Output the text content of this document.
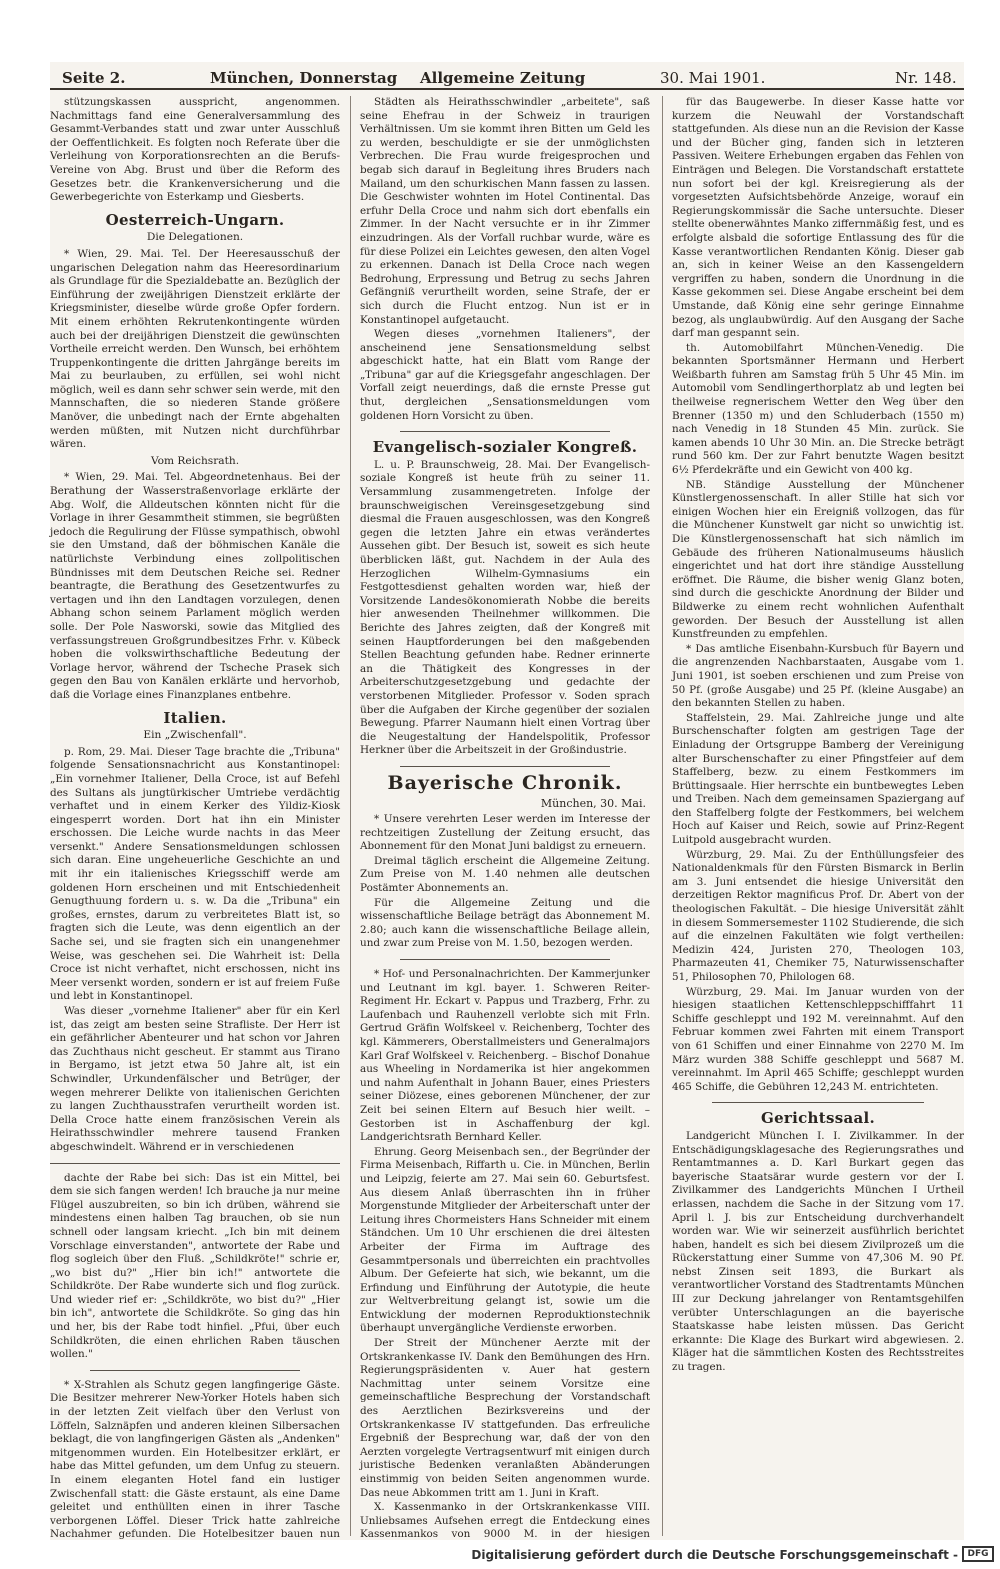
Seite 2.	München, Donnerstag Allgemeine Zeitung	30. Mai 1901.	Nr. 148.

stützungskassen ausspricht, angenommen. Nachmittags fand eine Generalversammlung des Gesammt-Verbandes statt und zwar unter Ausschluß der Oeffentlichkeit. Es folgten noch Referate über die Verleihung von Korporationsrechten an die Berufs-Vereine von Abg. Brust und über die Reform des Gesetzes betr. die Krankenversicherung und die Gewerbegerichte von Esterkamp und Giesberts.

Oesterreich-Ungarn.
Die Delegationen.

* Wien, 29. Mai. Tel. Der Heeresausschuß der ungarischen Delegation nahm das Heeresordinarium als Grundlage für die Spezialdebatte an. Bezüglich der Einführung der zweijährigen Dienstzeit erklärte der Kriegsminister, dieselbe würde große Opfer fordern. Mit einem erhöhten Rekrutenkontingente würden auch bei der dreijährigen Dienstzeit die gewünschten Vortheile erreicht werden. Den Wunsch, bei erhöhtem Truppenkontingente die dritten Jahrgänge bereits im Mai zu beurlauben, zu erfüllen, sei wohl nicht möglich, weil es dann sehr schwer sein werde, mit den Mannschaften, die so niederen Stande größere Manöver, die unbedingt nach der Ernte abgehalten werden müßten, mit Nutzen nicht durchführbar wären.

Vom Reichsrath.

* Wien, 29. Mai. Tel. Abgeordnetenhaus. Bei der Berathung der Wasserstraßenvorlage erklärte der Abg. Wolf, die Alldeutschen könnten nicht für die Vorlage in ihrer Gesammtheit stimmen, sie begrüßten jedoch die Regulirung der Flüsse sympathisch, obwohl sie den Umstand, daß der böhmischen Kanäle die natürlichste Verbindung eines zollpolitischen Bündnisses mit dem Deutschen Reiche sei. Redner beantragte, die Berathung des Gesetzentwurfes zu vertagen und ihn den Landtagen vorzulegen, denen Abhang schon seinem Parlament möglich werden solle. Der Pole Nasworski, sowie das Mitglied des verfassungstreuen Großgrundbesitzes Frhr. v. Kübeck hoben die volkswirthschaftliche Bedeutung der Vorlage hervor, während der Tscheche Prasek sich gegen den Bau von Kanälen erklärte und hervorhob, daß die Vorlage eines Finanzplanes entbehre.

Italien.
Ein „Zwischenfall".

p. Rom, 29. Mai. Dieser Tage brachte die „Tribuna" folgende Sensationsnachricht aus Konstantinopel: „Ein vornehmer Italiener, Della Croce, ist auf Befehl des Sultans als jungtürkischer Umtriebe verdächtig verhaftet und in einem Kerker des Yildiz-Kiosk eingesperrt worden. Dort hat ihn ein Minister erschossen. Die Leiche wurde nachts in das Meer versenkt." Andere Sensationsmeldungen schlossen sich daran. Eine ungeheuerliche Geschichte an und mit ihr ein italienisches Kriegsschiff werde am goldenen Horn erscheinen und mit Entschiedenheit Genugthuung fordern u. s. w. Da die „Tribuna" ein großes, ernstes, darum zu verbreitetes Blatt ist, so fragten sich die Leute, was denn eigentlich an der Sache sei, und sie fragten sich ein unangenehmer Weise, was geschehen sei. Die Wahrheit ist: Della Croce ist nicht verhaftet, nicht erschossen, nicht ins Meer versenkt worden, sondern er ist auf freiem Fuße und lebt in Konstantinopel.

Was dieser „vornehme Italiener" aber für ein Kerl ist, das zeigt am besten seine Strafliste. Der Herr ist ein gefährlicher Abenteurer und hat schon vor Jahren das Zuchthaus nicht gescheut. Er stammt aus Tirano in Bergamo, ist jetzt etwa 50 Jahre alt, ist ein Schwindler, Urkundenfälscher und Betrüger, der wegen mehrerer Delikte von italienischen Gerichten zu langen Zuchthausstrafen verurtheilt worden ist. Della Croce hatte einem französischen Verein als Heirathsschwindler mehrere tausend Franken abgeschwindelt. Während er in verschiedenen

dachte der Rabe bei sich: Das ist ein Mittel, bei dem sie sich fangen werden! Ich brauche ja nur meine Flügel auszubreiten, so bin ich drüben, während sie mindestens einen halben Tag brauchen, ob sie nun schnell oder langsam kriecht. „Ich bin mit deinem Vorschlage einverstanden", antwortete der Rabe und flog sogleich über den Fluß. „Schildkröte!" schrie er, „wo bist du?" „Hier bin ich!" antwortete die Schildkröte. Der Rabe wunderte sich und flog zurück. Und wieder rief er: „Schildkröte, wo bist du?" „Hier bin ich", antwortete die Schildkröte. So ging das hin und her, bis der Rabe todt hinfiel. „Pfui, über euch Schildkröten, die einen ehrlichen Raben täuschen wollen."

* X-Strahlen als Schutz gegen langfingerige Gäste. Die Besitzer mehrerer New-Yorker Hotels haben sich in der letzten Zeit vielfach über den Verlust von Löffeln, Salznäpfen und anderen kleinen Silbersachen beklagt, die von langfingerigen Gästen als „Andenken" mitgenommen wurden. Ein Hotelbesitzer erklärt, er habe das Mittel gefunden, um dem Unfug zu steuern. In einem eleganten Hotel fand ein lustiger Zwischenfall statt: die Gäste erstaunt, als eine Dame geleitet und enthüllten einen in ihrer Tasche verborgenen Löffel. Dieser Trick hatte zahlreiche Nachahmer gefunden. Die Hotelbesitzer bauen nun

Städten als Heirathsschwindler „arbeitete", saß seine Ehefrau in der Schweiz in traurigen Verhältnissen. Um sie kommt ihren Bitten um Geld les zu werden, beschuldigte er sie der unmöglichsten Verbrechen. Die Frau wurde freigesprochen und begab sich darauf in Begleitung ihres Bruders nach Mailand, um den schurkischen Mann fassen zu lassen. Die Geschwister wohnten im Hotel Continental. Das erfuhr Della Croce und nahm sich dort ebenfalls ein Zimmer. In der Nacht versuchte er in ihr Zimmer einzudringen. Als der Vorfall ruchbar wurde, wäre es für diese Polizei ein Leichtes gewesen, den alten Vogel zu erkennen. Danach ist Della Croce nach wegen Bedrohung, Erpressung und Betrug zu sechs Jahren Gefängniß verurtheilt worden, seine Strafe, der er sich durch die Flucht entzog. Nun ist er in Konstantinopel aufgetaucht.

Wegen dieses „vornehmen Italieners", der anscheinend jene Sensationsmeldung selbst abgeschickt hatte, hat ein Blatt vom Range der „Tribuna" gar auf die Kriegsgefahr angeschlagen. Der Vorfall zeigt neuerdings, daß die ernste Presse gut thut, dergleichen „Sensationsmeldungen vom goldenen Horn Vorsicht zu üben.

Evangelisch-sozialer Kongreß.

L. u. P. Braunschweig, 28. Mai. Der Evangelisch-soziale Kongreß ist heute früh zu seiner 11. Versammlung zusammengetreten. Infolge der braunschweigischen Vereinsgesetzgebung sind diesmal die Frauen ausgeschlossen, was den Kongreß gegen die letzten Jahre ein etwas verändertes Aussehen gibt. Der Besuch ist, soweit es sich heute überblicken läßt, gut. Nachdem in der Aula des Herzoglichen Wilhelm-Gymnasiums ein Festgottesdienst gehalten worden war, hieß der Vorsitzende Landesökonomierath Nobbe die bereits hier anwesenden Theilnehmer willkommen. Die Berichte des Jahres zeigten, daß der Kongreß mit seinen Hauptforderungen bei den maßgebenden Stellen Beachtung gefunden habe. Redner erinnerte an die Thätigkeit des Kongresses in der Arbeiterschutzgesetzgebung und gedachte der verstorbenen Mitglieder. Professor v. Soden sprach über die Aufgaben der Kirche gegenüber der sozialen Bewegung. Pfarrer Naumann hielt einen Vortrag über die Neugestaltung der Handelspolitik, Professor Herkner über die Arbeitszeit in der Großindustrie.

Bayerische Chronik.
München, 30. Mai.

* Unsere verehrten Leser werden im Interesse der rechtzeitigen Zustellung der Zeitung ersucht, das Abonnement für den Monat Juni baldigst zu erneuern.

Dreimal täglich erscheint die Allgemeine Zeitung. Zum Preise von M. 1.40 nehmen alle deutschen Postämter Abonnements an.

Für die Allgemeine Zeitung und die wissenschaftliche Beilage beträgt das Abonnement M. 2.80; auch kann die wissenschaftliche Beilage allein, und zwar zum Preise von M. 1.50, bezogen werden.

* Hof- und Personalnachrichten. Der Kammerjunker und Leutnant im kgl. bayer. 1. Schweren Reiter-Regiment Hr. Eckart v. Pappus und Trazberg, Frhr. zu Laufenbach und Rauhenzell verlobte sich mit Frln. Gertrud Gräfin Wolfskeel v. Reichenberg, Tochter des kgl. Kämmerers, Oberstallmeisters und Generalmajors Karl Graf Wolfskeel v. Reichenberg. – Bischof Donahue aus Wheeling in Nordamerika ist hier angekommen und nahm Aufenthalt in Johann Bauer, eines Priesters seiner Diözese, eines geborenen Münchener, der zur Zeit bei seinen Eltern auf Besuch hier weilt. – Gestorben ist in Aschaffenburg der kgl. Landgerichtsrath Bernhard Keller.

Ehrung. Georg Meisenbach sen., der Begründer der Firma Meisenbach, Riffarth u. Cie. in München, Berlin und Leipzig, feierte am 27. Mai sein 60. Geburtsfest. Aus diesem Anlaß überraschten ihn in früher Morgenstunde Mitglieder der Arbeiterschaft unter der Leitung ihres Chormeisters Hans Schneider mit einem Ständchen. Um 10 Uhr erschienen die drei ältesten Arbeiter der Firma im Auftrage des Gesammtpersonals und überreichten ein prachtvolles Album. Der Gefeierte hat sich, wie bekannt, um die Erfindung und Einführung der Autotypie, die heute zur Weltverbreitung gelangt ist, sowie um die Entwicklung der modernen Reproduktionstechnik überhaupt unvergängliche Verdienste erworben.

Der Streit der Münchener Aerzte mit der Ortskrankenkasse IV. Dank den Bemühungen des Hrn. Regierungspräsidenten v. Auer hat gestern Nachmittag unter seinem Vorsitze eine gemeinschaftliche Besprechung der Vorstandschaft des Aerztlichen Bezirksvereins und der Ortskrankenkasse IV stattgefunden. Das erfreuliche Ergebniß der Besprechung war, daß der von den Aerzten vorgelegte Vertragsentwurf mit einigen durch juristische Bedenken veranlaßten Abänderungen einstimmig von beiden Seiten angenommen wurde. Das neue Abkommen tritt am 1. Juni in Kraft.

X. Kassenmanko in der Ortskrankenkasse VIII. Unliebsames Aufsehen erregt die Entdeckung eines Kassenmankos von 9000 M. in der hiesigen

für das Baugewerbe. In dieser Kasse hatte vor kurzem die Neuwahl der Vorstandschaft stattgefunden. Als diese nun an die Revision der Kasse und der Bücher ging, fanden sich in letzteren Passiven. Weitere Erhebungen ergaben das Fehlen von Einträgen und Belegen. Die Vorstandschaft erstattete nun sofort bei der kgl. Kreisregierung als der vorgesetzten Aufsichtsbehörde Anzeige, worauf ein Regierungskommissär die Sache untersuchte. Dieser stellte obenerwähntes Manko ziffernmäßig fest, und es erfolgte alsbald die sofortige Entlassung des für die Kasse verantwortlichen Rendanten König. Dieser gab an, sich in keiner Weise an den Kassengeldern vergriffen zu haben, sondern die Unordnung in die Kasse gekommen sei. Diese Angabe erscheint bei dem Umstande, daß König eine sehr geringe Einnahme bezog, als unglaubwürdig. Auf den Ausgang der Sache darf man gespannt sein.

th. Automobilfahrt München-Venedig. Die bekannten Sportsmänner Hermann und Herbert Weißbarth fuhren am Samstag früh 5 Uhr 45 Min. im Automobil vom Sendlingerthorplatz ab und legten bei theilweise regnerischem Wetter den Weg über den Brenner (1350 m) und den Schluderbach (1550 m) nach Venedig in 18 Stunden 45 Min. zurück. Sie kamen abends 10 Uhr 30 Min. an. Die Strecke beträgt rund 560 km. Der zur Fahrt benutzte Wagen besitzt 6½ Pferdekräfte und ein Gewicht von 400 kg.

NB. Ständige Ausstellung der Münchener Künstlergenossenschaft. In aller Stille hat sich vor einigen Wochen hier ein Ereigniß vollzogen, das für die Münchener Kunstwelt gar nicht so unwichtig ist. Die Künstlergenossenschaft hat sich nämlich im Gebäude des früheren Nationalmuseums häuslich eingerichtet und hat dort ihre ständige Ausstellung eröffnet. Die Räume, die bisher wenig Glanz boten, sind durch die geschickte Anordnung der Bilder und Bildwerke zu einem recht wohnlichen Aufenthalt geworden. Der Besuch der Ausstellung ist allen Kunstfreunden zu empfehlen.

* Das amtliche Eisenbahn-Kursbuch für Bayern und die angrenzenden Nachbarstaaten, Ausgabe vom 1. Juni 1901, ist soeben erschienen und zum Preise von 50 Pf. (große Ausgabe) und 25 Pf. (kleine Ausgabe) an den bekannten Stellen zu haben.

Staffelstein, 29. Mai. Zahlreiche junge und alte Burschenschafter folgten am gestrigen Tage der Einladung der Ortsgruppe Bamberg der Vereinigung alter Burschenschafter zu einer Pfingstfeier auf dem Staffelberg, bezw. zu einem Festkommers im Brüttingsaale. Hier herrschte ein buntbewegtes Leben und Treiben. Nach dem gemeinsamen Spaziergang auf den Staffelberg folgte der Festkommers, bei welchem Hoch auf Kaiser und Reich, sowie auf Prinz-Regent Luitpold ausgebracht wurden.

Würzburg, 29. Mai. Zu der Enthüllungsfeier des Nationaldenkmals für den Fürsten Bismarck in Berlin am 3. Juni entsendet die hiesige Universität den derzeitigen Rektor magnificus Prof. Dr. Abert von der theologischen Fakultät. – Die hiesige Universität zählt in diesem Sommersemester 1102 Studierende, die sich auf die einzelnen Fakultäten wie folgt vertheilen: Medizin 424, Juristen 270, Theologen 103, Pharmazeuten 41, Chemiker 75, Naturwissenschafter 51, Philosophen 70, Philologen 68.

Würzburg, 29. Mai. Im Januar wurden von der hiesigen staatlichen Kettenschleppschifffahrt 11 Schiffe geschleppt und 192 M. vereinnahmt. Auf den Februar kommen zwei Fahrten mit einem Transport von 61 Schiffen und einer Einnahme von 2270 M. Im März wurden 388 Schiffe geschleppt und 5687 M. vereinnahmt. Im April 465 Schiffe; geschleppt wurden 465 Schiffe, die Gebühren 12,243 M. entrichteten.

Gerichtssaal.

Landgericht München I. I. Zivilkammer. In der Entschädigungsklagesache des Regierungsrathes und Rentamtmannes a. D. Karl Burkart gegen das bayerische Staatsärar wurde gestern vor der I. Zivilkammer des Landgerichts München I Urtheil erlassen, nachdem die Sache in der Sitzung vom 17. April l. J. bis zur Entscheidung durchverhandelt worden war. Wie wir seinerzeit ausführlich berichtet haben, handelt es sich bei diesem Zivilprozeß um die Rückerstattung einer Summe von 47,306 M. 90 Pf. nebst Zinsen seit 1893, die Burkart als verantwortlicher Vorstand des Stadtrentamts München III zur Deckung jahrelanger von Rentamtsgehilfen verübter Unterschlagungen an die bayerische Staatskasse habe leisten müssen. Das Gericht erkannte: Die Klage des Burkart wird abgewiesen. 2. Kläger hat die sämmtlichen Kosten des Rechtsstreites zu tragen.

Digitalisierung gefördert durch die Deutsche Forschungsgemeinschaft -	DFG
